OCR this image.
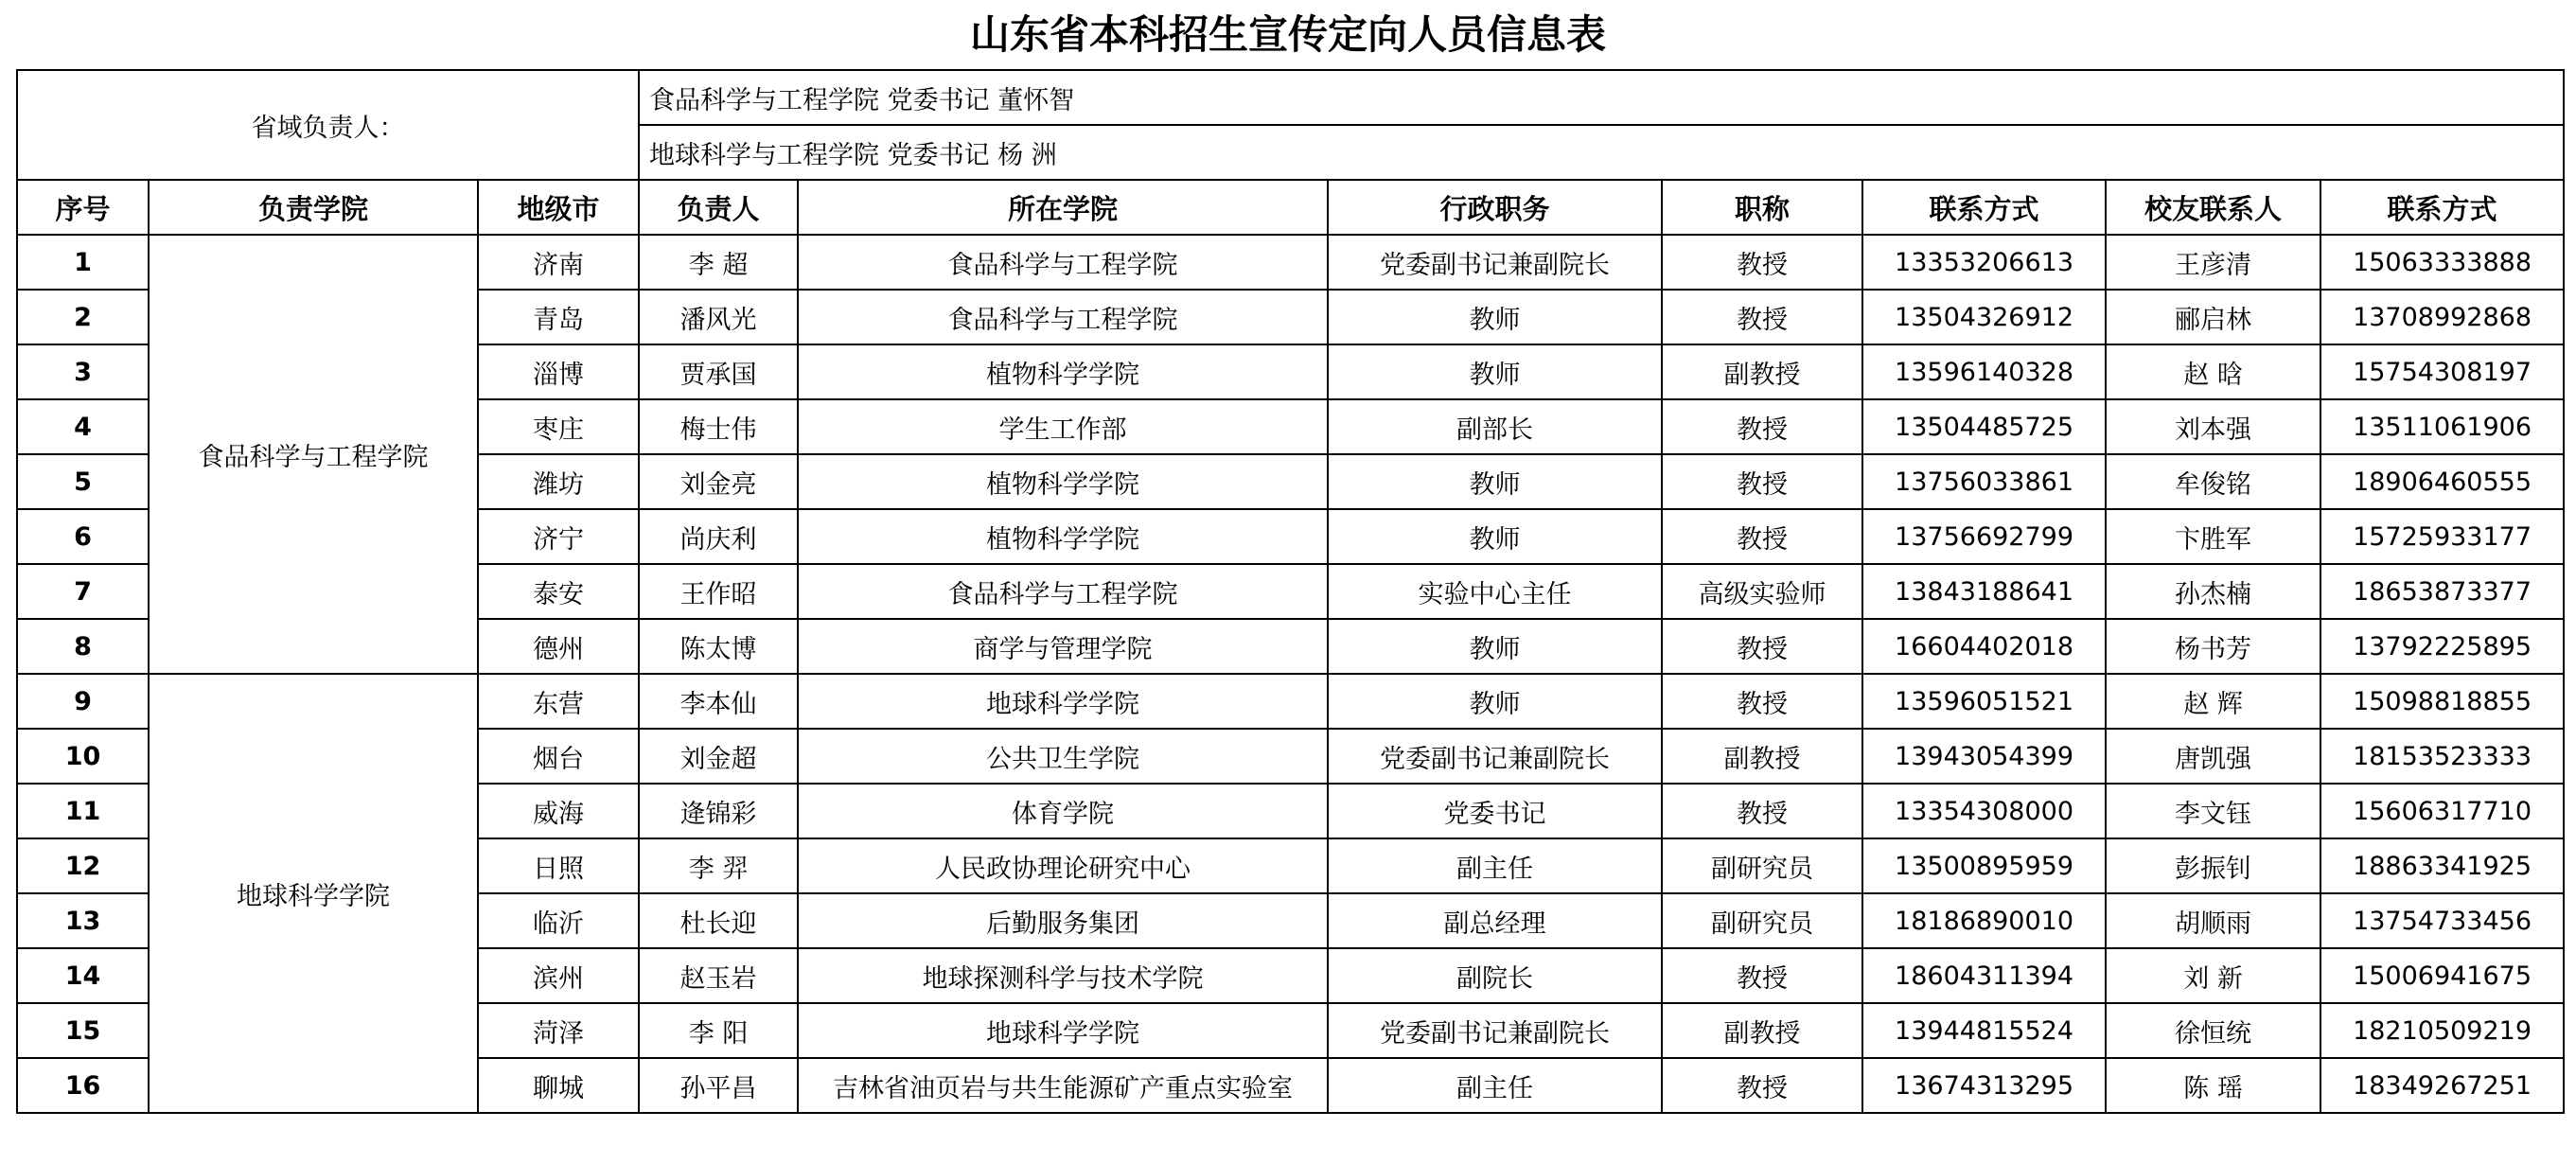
山东省本科招生宣传定向人员信息表
省域负责人：			食品科学与工程学院 党委书记 董怀智						
			地球科学与工程学院 党委书记 杨 洲						
序号	负责学院	地级市	负责人	所在学院	行政职务	职称	联系方式	校友联系人	联系方式
1	食品科学与工程学院	济南	李 超	食品科学与工程学院	党委副书记兼副院长	教授	13353206613	王彦清	15063333888
2		青岛	潘风光	食品科学与工程学院	教师	教授	13504326912	郦启林	13708992868
3		淄博	贾承国	植物科学学院	教师	副教授	13596140328	赵 晗	15754308197
4		枣庄	梅士伟	学生工作部	副部长	教授	13504485725	刘本强	13511061906
5		潍坊	刘金亮	植物科学学院	教师	教授	13756033861	牟俊铭	18906460555
6		济宁	尚庆利	植物科学学院	教师	教授	13756692799	卞胜军	15725933177
7		泰安	王作昭	食品科学与工程学院	实验中心主任	高级实验师	13843188641	孙杰楠	18653873377
8		德州	陈太博	商学与管理学院	教师	教授	16604402018	杨书芳	13792225895
9	地球科学学院	东营	李本仙	地球科学学院	教师	教授	13596051521	赵 辉	15098818855
10		烟台	刘金超	公共卫生学院	党委副书记兼副院长	副教授	13943054399	唐凯强	18153523333
11		威海	逄锦彩	体育学院	党委书记	教授	13354308000	李文钰	15606317710
12		日照	李 羿	人民政协理论研究中心	副主任	副研究员	13500895959	彭振钊	18863341925
13		临沂	杜长迎	后勤服务集团	副总经理	副研究员	18186890010	胡顺雨	13754733456
14		滨州	赵玉岩	地球探测科学与技术学院	副院长	教授	18604311394	刘 新	15006941675
15		菏泽	李 阳	地球科学学院	党委副书记兼副院长	副教授	13944815524	徐恒统	18210509219
16		聊城	孙平昌	吉林省油页岩与共生能源矿产重点实验室	副主任	教授	13674313295	陈 瑶	18349267251
